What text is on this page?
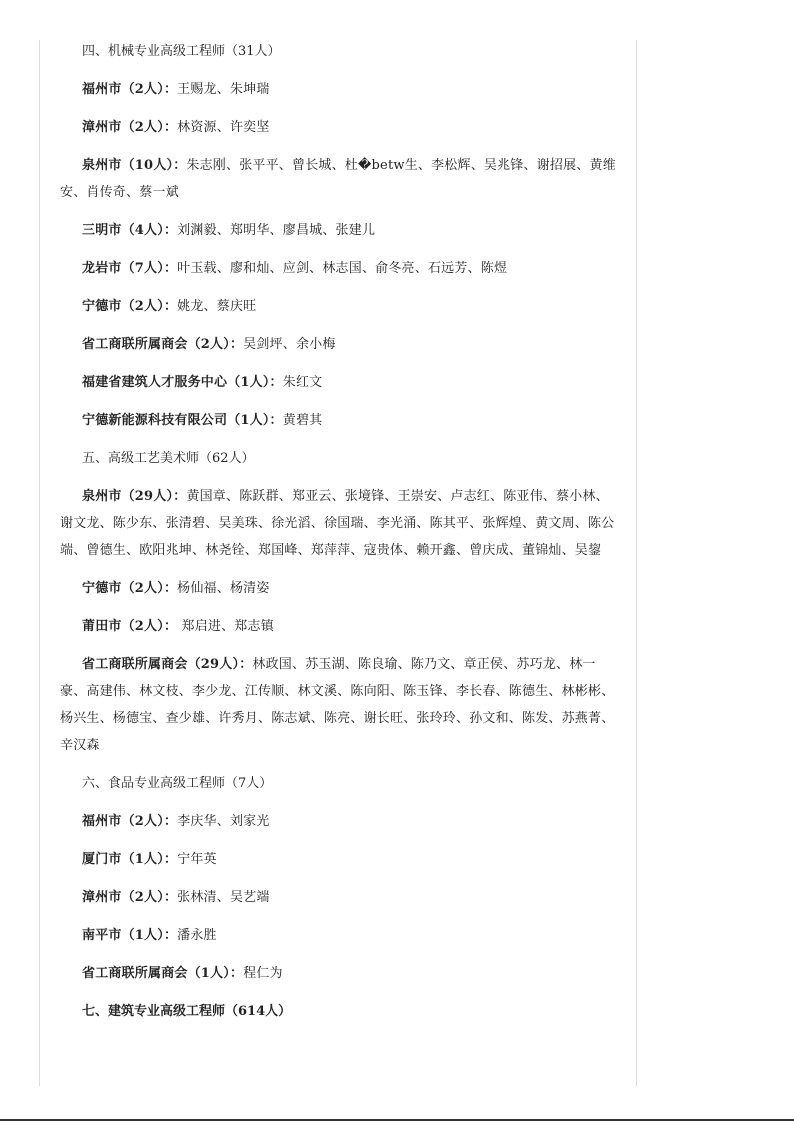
四、机械专业高级工程师（31人）

福州市（2人）：王赐龙、朱坤瑞

漳州市（2人）：林资源、许奕坚

泉州市（10人）：朱志刚、张平平、曾长城、杜�betw生、李松辉、吴兆锋、谢招展、黄维安、肖传奇、蔡一斌

三明市（4人）：刘渊毅、郑明华、廖昌城、张建儿

龙岩市（7人）：叶玉载、廖和灿、应剑、林志国、俞冬亮、石远芳、陈煜

宁德市（2人）：姚龙、蔡庆旺

省工商联所属商会（2人）：吴剑坪、余小梅

福建省建筑人才服务中心（1人）：朱红文

宁德新能源科技有限公司（1人）：黄碧其

五、高级工艺美术师（62人）

泉州市（29人）：黄国章、陈跃群、郑亚云、张境锋、王崇安、卢志红、陈亚伟、蔡小林、谢文龙、陈少东、张清碧、吴美珠、徐光滔、徐国瑞、李光涌、陈其平、张辉煌、黄文周、陈公端、曾德生、欧阳兆坤、林尧铨、郑国峰、郑萍萍、寇贵体、赖开鑫、曾庆成、董锦灿、吴鋆

宁德市（2人）：杨仙福、杨清姿

莆田市（2人）： 郑启进、郑志镇

省工商联所属商会（29人）：林政国、苏玉湖、陈良瑜、陈乃文、章正侯、苏巧龙、林一豪、高建伟、林文枝、李少龙、江传顺、林文溪、陈向阳、陈玉锋、李长春、陈德生、林彬彬、杨兴生、杨德宝、查少雄、许秀月、陈志斌、陈亮、谢长旺、张玲玲、孙文和、陈发、苏燕菁、辛汉森

六、食品专业高级工程师（7人）

福州市（2人）：李庆华、刘家光

厦门市（1人）：宁年英

漳州市（2人）：张林清、吴艺端

南平市（1人）：潘永胜

省工商联所属商会（1人）：程仁为

七、建筑专业高级工程师（614人）
